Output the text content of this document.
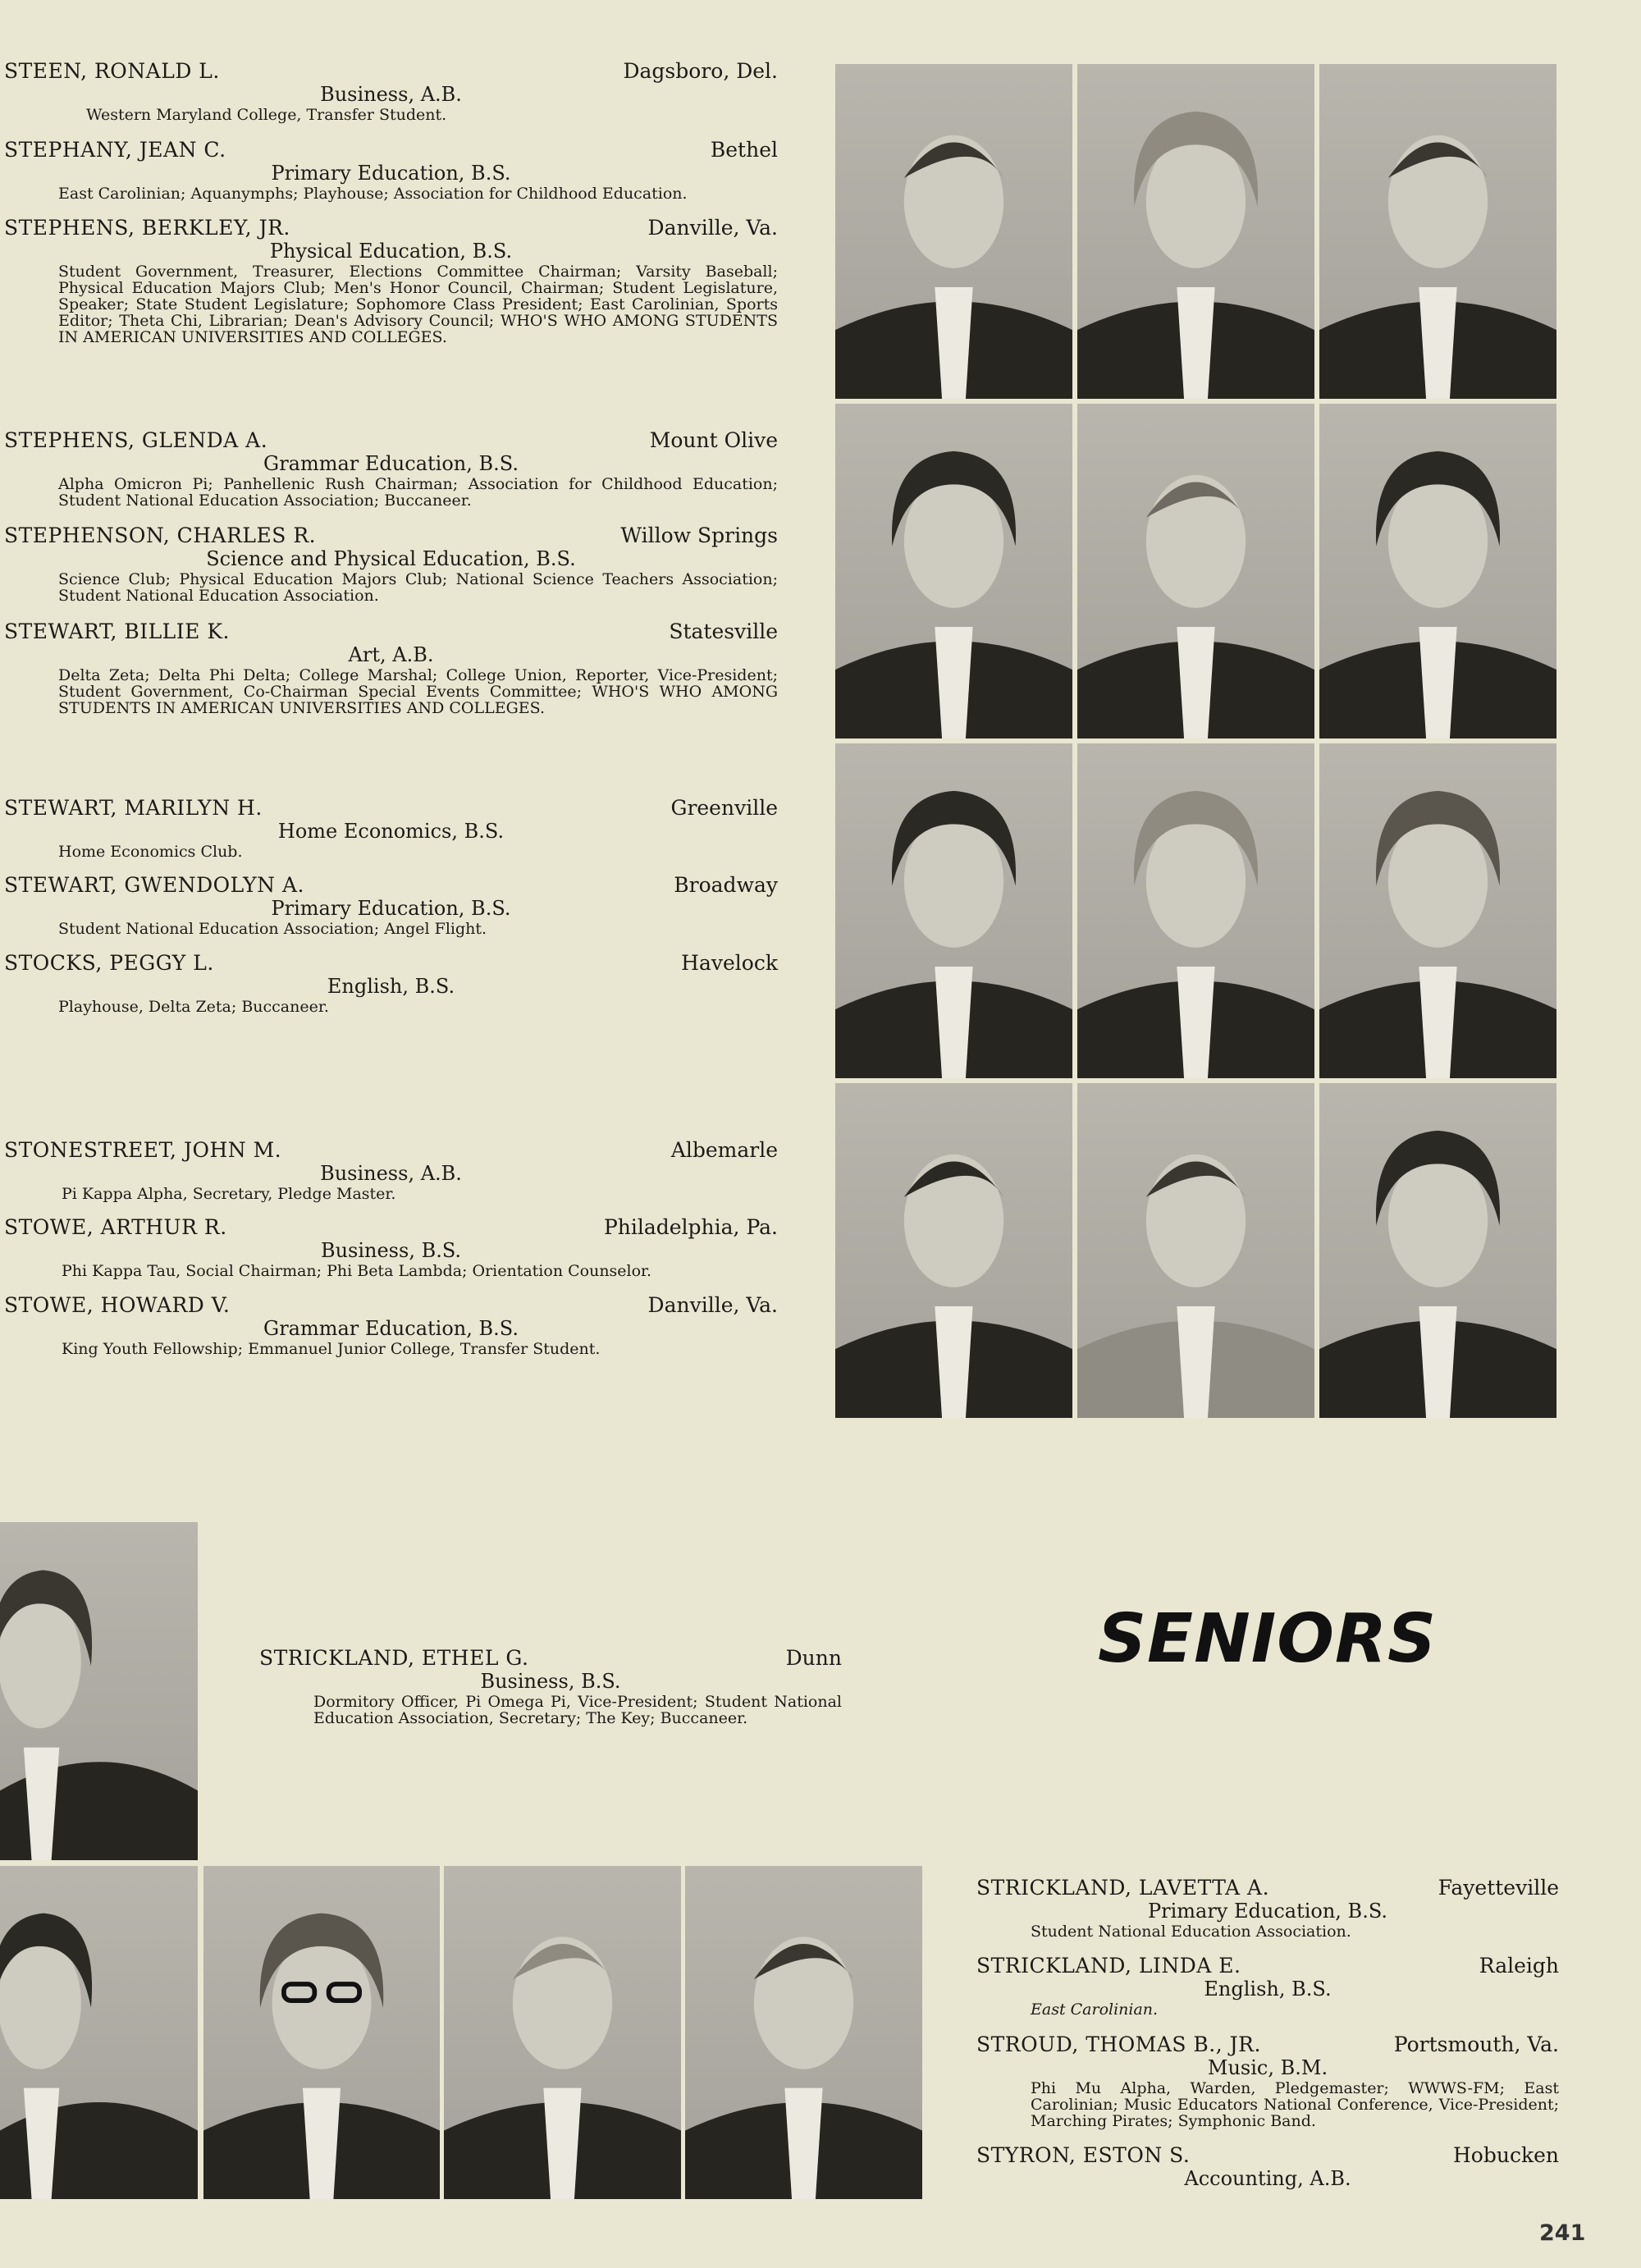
STEEN, RONALD L.	Dagsboro, Del.
Business, A.B.
Western Maryland College, Transfer Student.
STEPHANY, JEAN C.	Bethel
Primary Education, B.S.
East Carolinian; Aquanymphs; Playhouse; Association for Childhood Education.
STEPHENS, BERKLEY, JR.	Danville, Va.
Physical Education, B.S.
Student Government, Treasurer, Elections Committee Chairman; Varsity Baseball; Physical Education Majors Club; Men's Honor Council, Chairman; Student Legislature, Speaker; State Student Legislature; Sophomore Class President; East Carolinian, Sports Editor; Theta Chi, Librarian; Dean's Advisory Council; WHO'S WHO AMONG STUDENTS IN AMERICAN UNIVERSITIES AND COLLEGES.
STEPHENS, GLENDA A.	Mount Olive
Grammar Education, B.S.
Alpha Omicron Pi; Panhellenic Rush Chairman; Association for Childhood Education; Student National Education Association; Buccaneer.
STEPHENSON, CHARLES R.	Willow Springs
Science and Physical Education, B.S.
Science Club; Physical Education Majors Club; National Science Teachers Association; Student National Education Association.
STEWART, BILLIE K.	Statesville
Art, A.B.
Delta Zeta; Delta Phi Delta; College Marshal; College Union, Reporter, Vice-President; Student Government, Co-Chairman Special Events Committee; WHO'S WHO AMONG STUDENTS IN AMERICAN UNIVERSITIES AND COLLEGES.
STEWART, MARILYN H.	Greenville
Home Economics, B.S.
Home Economics Club.
STEWART, GWENDOLYN A.	Broadway
Primary Education, B.S.
Student National Education Association; Angel Flight.
STOCKS, PEGGY L.	Havelock
English, B.S.
Playhouse, Delta Zeta; Buccaneer.
STONESTREET, JOHN M.	Albemarle
Business, A.B.
Pi Kappa Alpha, Secretary, Pledge Master.
STOWE, ARTHUR R.	Philadelphia, Pa.
Business, B.S.
Phi Kappa Tau, Social Chairman; Phi Beta Lambda; Orientation Counselor.
STOWE, HOWARD V.	Danville, Va.
Grammar Education, B.S.
King Youth Fellowship; Emmanuel Junior College, Transfer Student.
STRICKLAND, ETHEL G.	Dunn
Business, B.S.
Dormitory Officer, Pi Omega Pi, Vice-President; Student National Education Association, Secretary; The Key; Buccaneer.
SENIORS
STRICKLAND, LAVETTA A.	Fayetteville
Primary Education, B.S.
Student National Education Association.
STRICKLAND, LINDA E.	Raleigh
English, B.S.
East Carolinian.
STROUD, THOMAS B., JR.	Portsmouth, Va.
Music, B.M.
Phi Mu Alpha, Warden, Pledgemaster; WWWS-FM; East Carolinian; Music Educators National Conference, Vice-President; Marching Pirates; Symphonic Band.
STYRON, ESTON S.	Hobucken
Accounting, A.B.
241
